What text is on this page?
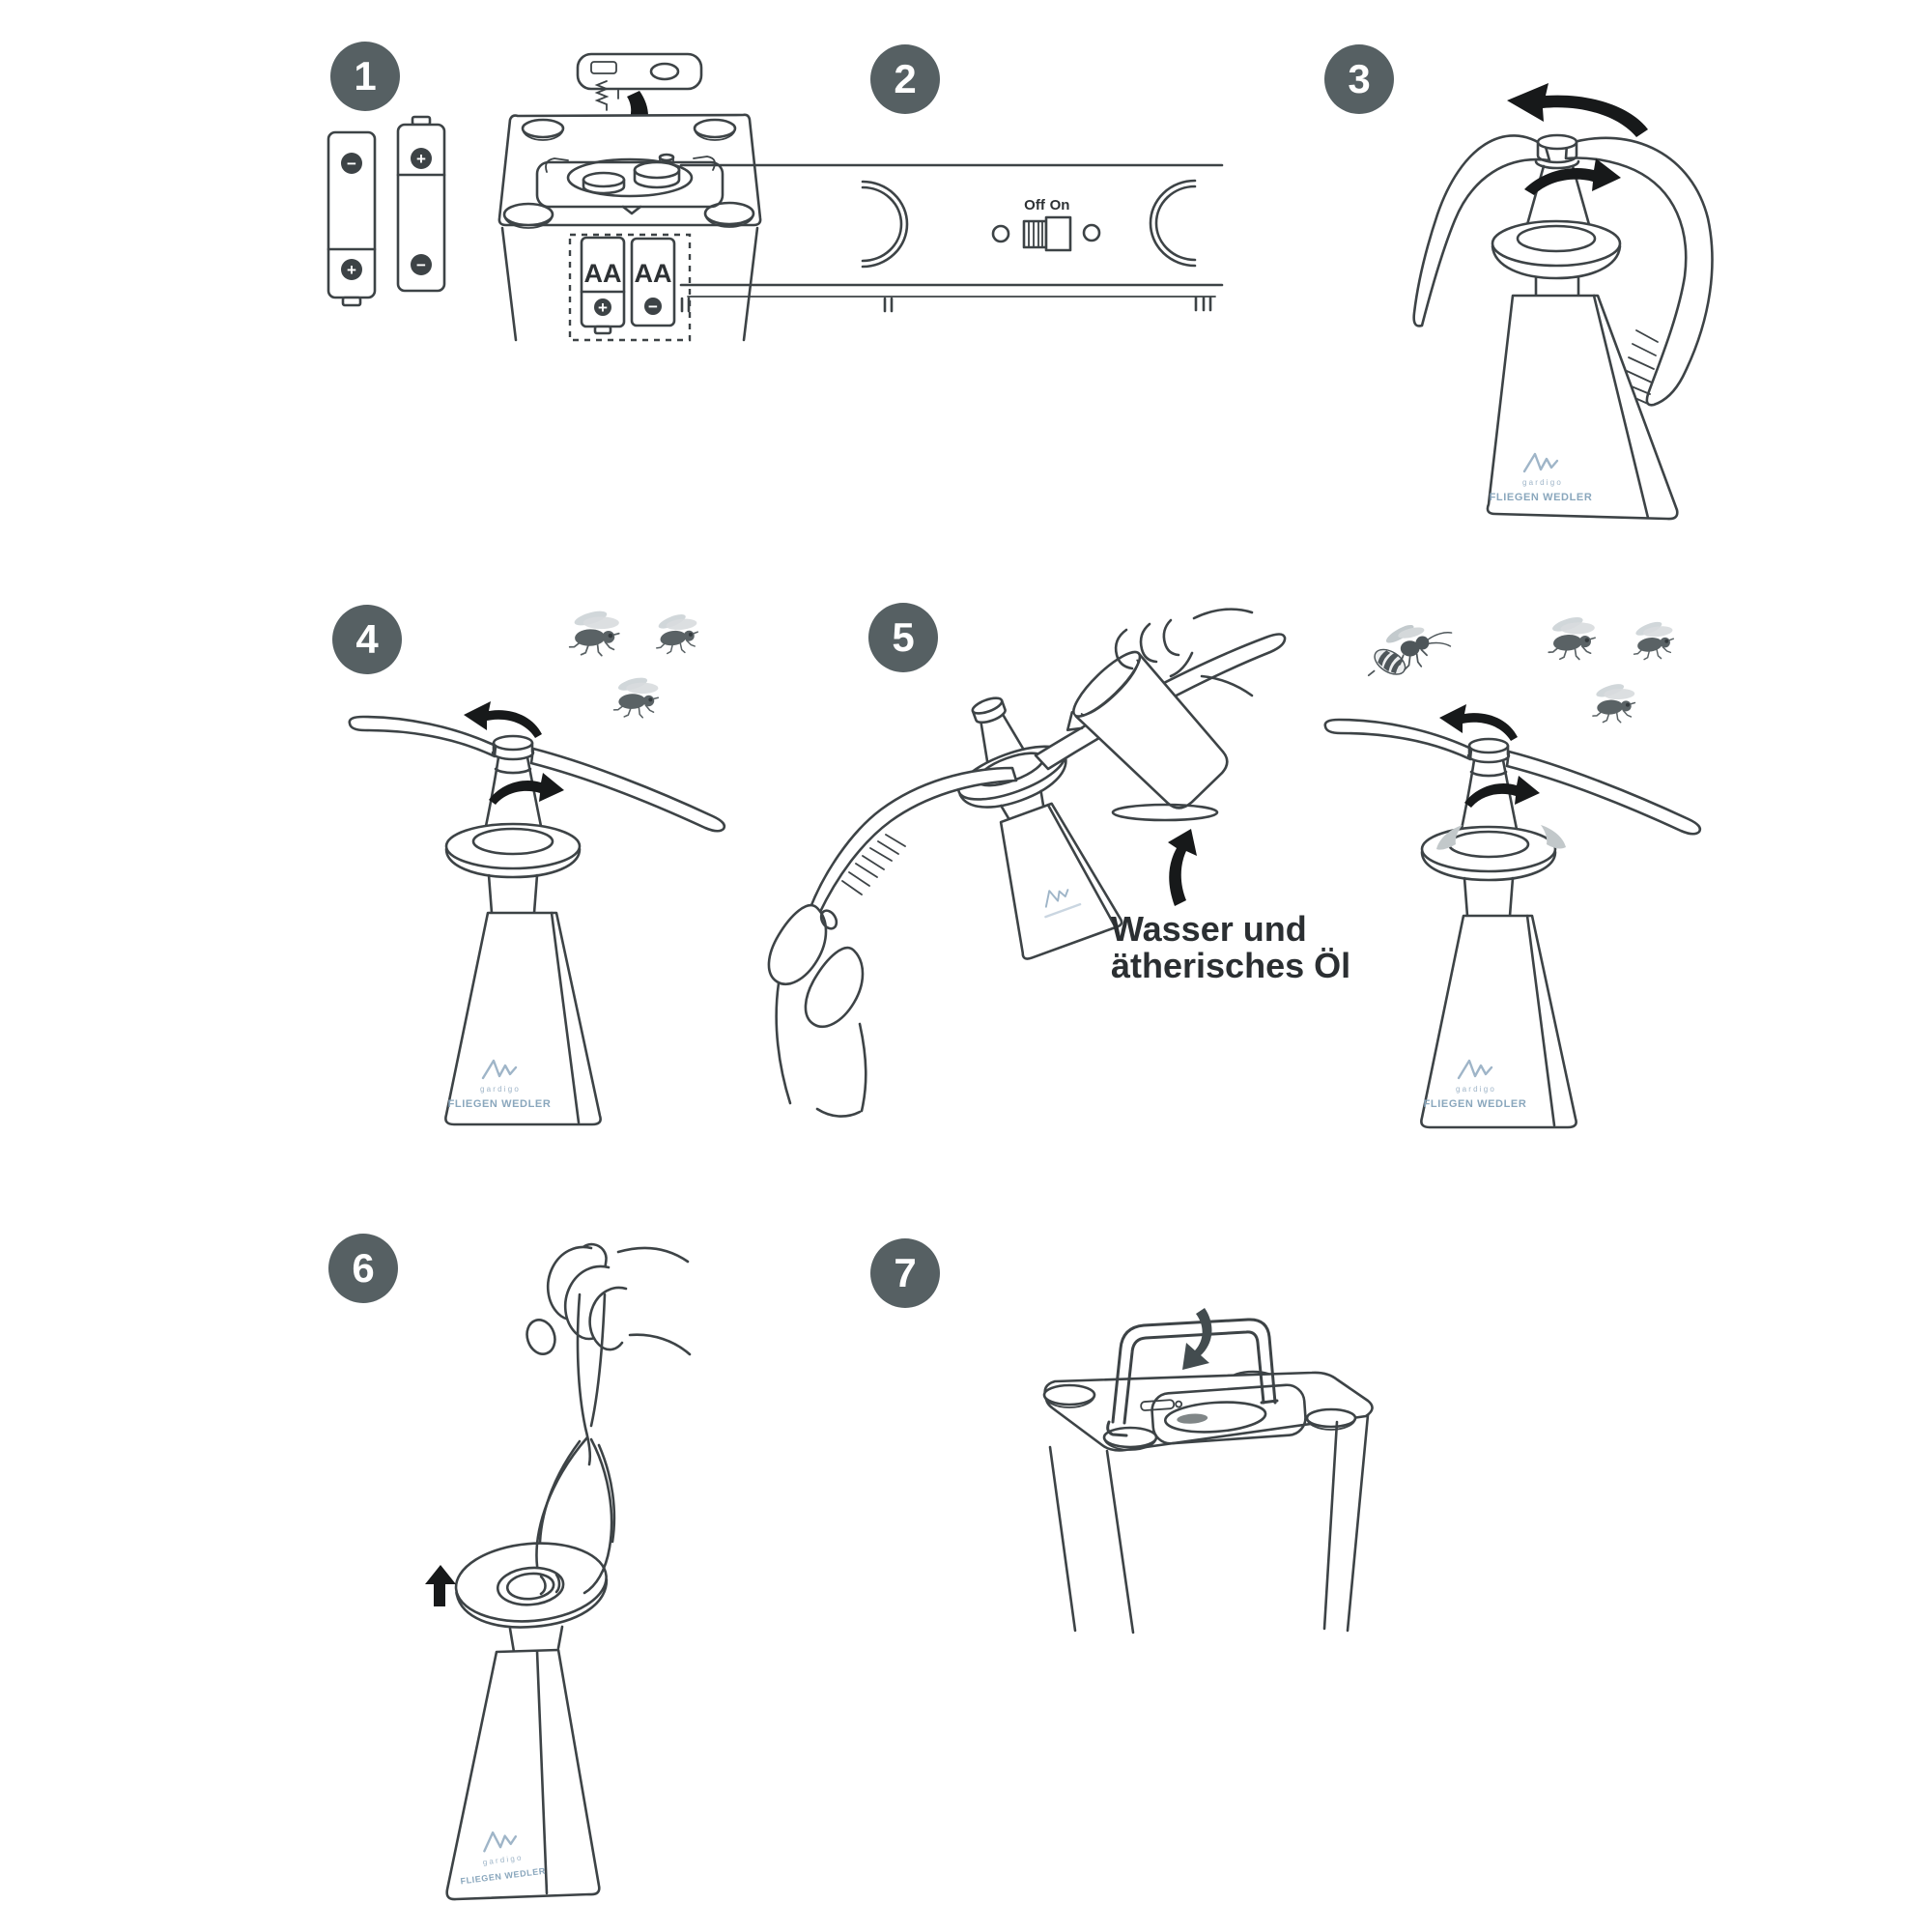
1	2	3
4	5
6	7
−
+
+
−	AA
+
AA
−
Off On
gardigo
FLIEGEN WEDLER
gardigo
FLIEGEN WEDLER
Wasser und
ätherisches Öl
gardigo
FLIEGEN WEDLER
gardigo
FLIEGEN WEDLER
